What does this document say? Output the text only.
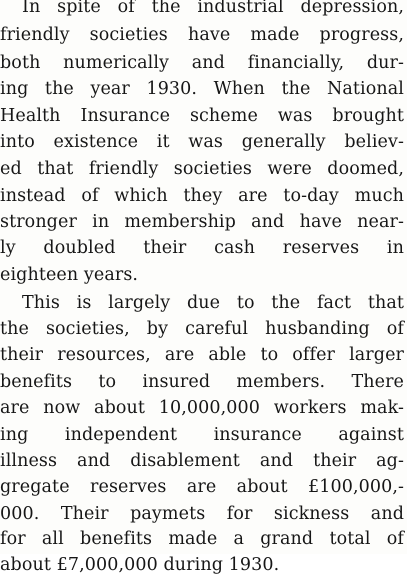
In spite of the industrial depression,
friendly societies have made progress,
both numerically and financially, dur-
ing the year 1930. When the National
Health Insurance scheme was brought
into existence it was generally believ-
ed that friendly societies were doomed,
instead of which they are to-day much
stronger in membership and have near-
ly doubled their cash reserves in
eighteen years.
This is largely due to the fact that
the societies, by careful husbanding of
their resources, are able to offer larger
benefits to insured members. There
are now about 10,000,000 workers mak-
ing independent insurance against
illness and disablement and their ag-
gregate reserves are about £100,000,-
000. Their paymets for sickness and
for all benefits made a grand total of
about £7,000,000 during 1930.
